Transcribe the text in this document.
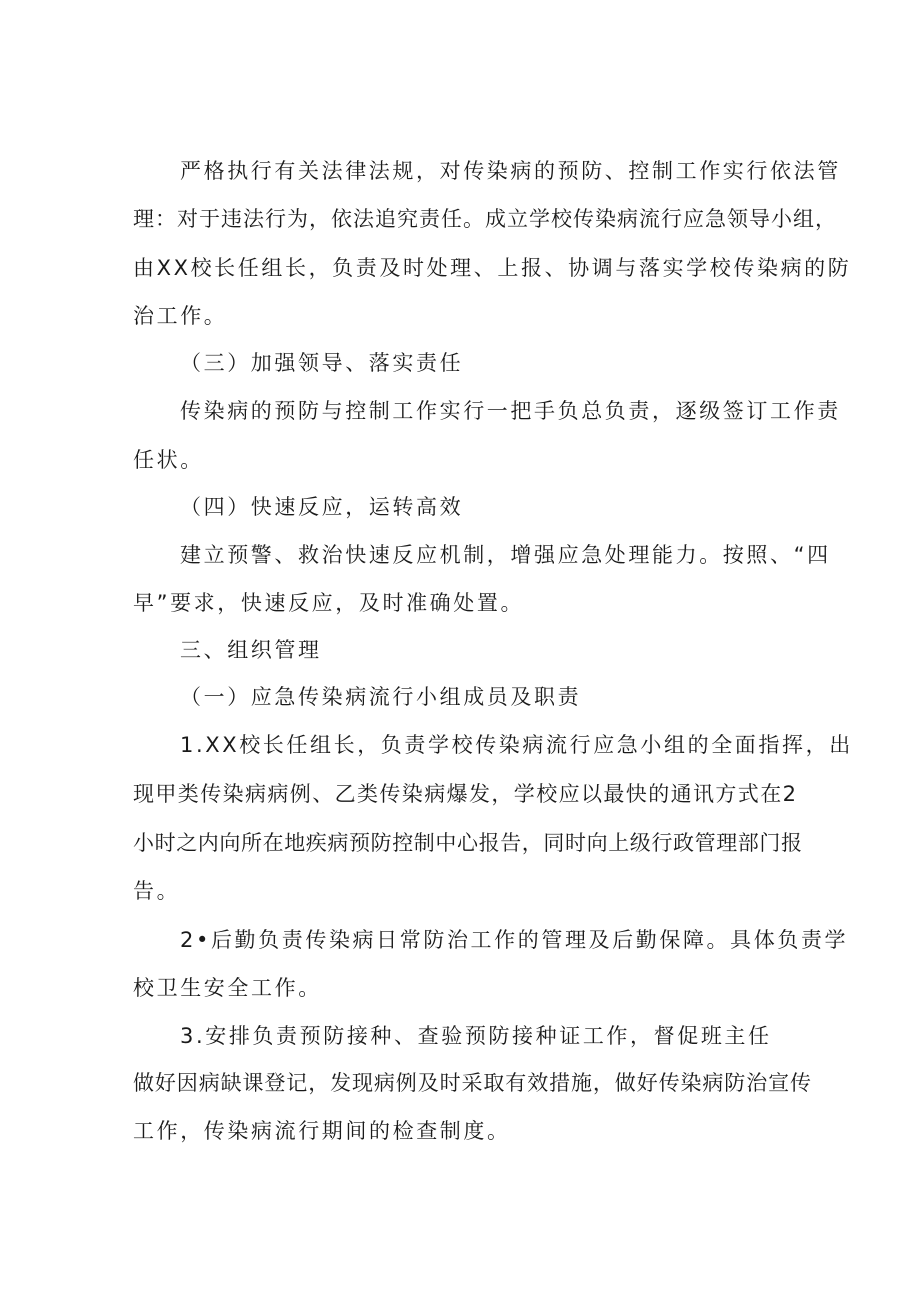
严格执行有关法律法规，对传染病的预防、控制工作实行依法管
理：对于违法行为，依法追究责任。成立学校传染病流行应急领导小组，
由XX校长任组长，负责及时处理、上报、协调与落实学校传染病的防
治工作。
（三）加强领导、落实责任
传染病的预防与控制工作实行一把手负总负责，逐级签订工作责
任状。
（四）快速反应，运转高效
建立预警、救治快速反应机制，增强应急处理能力。按照、“四
早”要求，快速反应，及时准确处置。
三、组织管理
（一）应急传染病流行小组成员及职责
1.XX校长任组长，负责学校传染病流行应急小组的全面指挥，出
现甲类传染病病例、乙类传染病爆发，学校应以最快的通讯方式在2
小时之内向所在地疾病预防控制中心报告，同时向上级行政管理部门报
告。
2•后勤负责传染病日常防治工作的管理及后勤保障。具体负责学
校卫生安全工作。
3.安排负责预防接种、查验预防接种证工作，督促班主任
做好因病缺课登记，发现病例及时采取有效措施，做好传染病防治宣传
工作，传染病流行期间的检查制度。
